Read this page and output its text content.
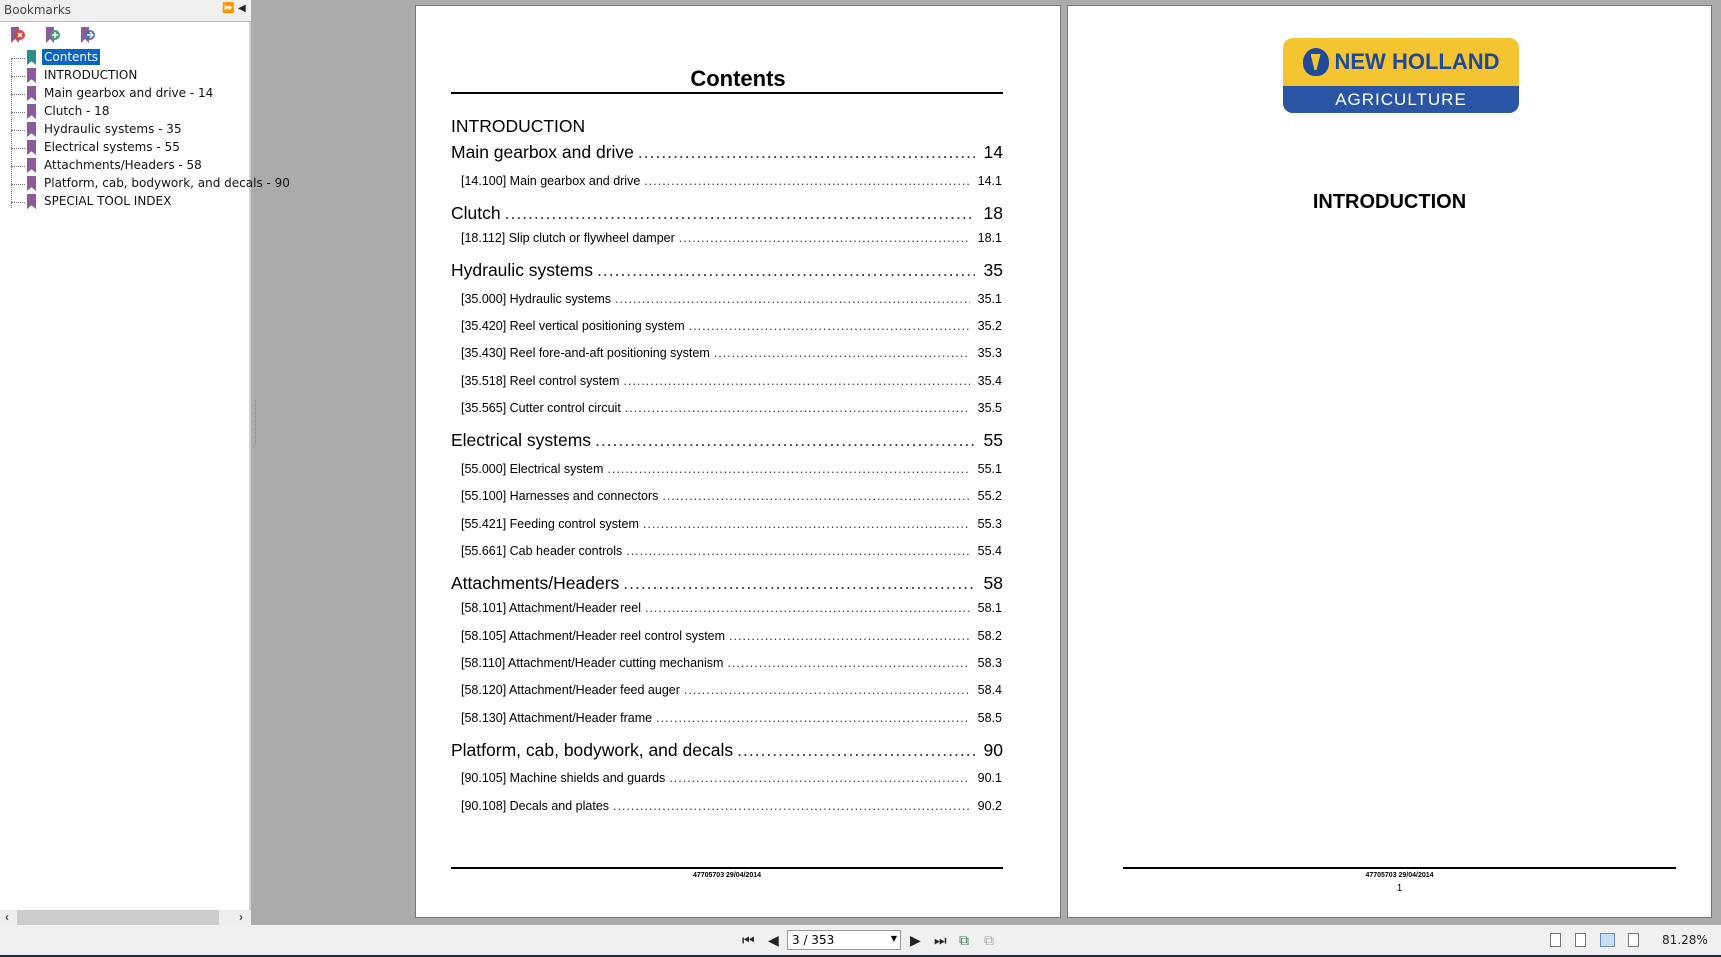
Bookmarks	⏩ ◀
Contents
INTRODUCTION
Main gearbox and drive - 14
Clutch - 18
Hydraulic systems - 35
Electrical systems - 55
Attachments/Headers - 58
Platform, cab, bodywork, and decals - 90
SPECIAL TOOL INDEX
‹	›
Contents
INTRODUCTION
Main gearbox and drive .....	14
[14.100] Main gearbox and drive .....	14.1
Clutch .....	18
[18.112] Slip clutch or flywheel damper .....	18.1
Hydraulic systems .....	35
[35.000] Hydraulic systems .....	35.1
[35.420] Reel vertical positioning system .....	35.2
[35.430] Reel fore-and-aft positioning system .....	35.3
[35.518] Reel control system .....	35.4
[35.565] Cutter control circuit .....	35.5
Electrical systems .....	55
[55.000] Electrical system .....	55.1
[55.100] Harnesses and connectors .....	55.2
[55.421] Feeding control system .....	55.3
[55.661] Cab header controls .....	55.4
Attachments/Headers .....	58
[58.101] Attachment/Header reel .....	58.1
[58.105] Attachment/Header reel control system .....	58.2
[58.110] Attachment/Header cutting mechanism .....	58.3
[58.120] Attachment/Header feed auger .....	58.4
[58.130] Attachment/Header frame .....	58.5
Platform, cab, bodywork, and decals .....	90
[90.105] Machine shields and guards .....	90.1
[90.108] Decals and plates .....	90.2
47705703 29/04/2014
NEW HOLLAND
AGRICULTURE
INTRODUCTION
47705703 29/04/2014
1
⏮ ◀	3 / 353	▼ ▶ ⏭ ⧉ ⧉	81.28%
